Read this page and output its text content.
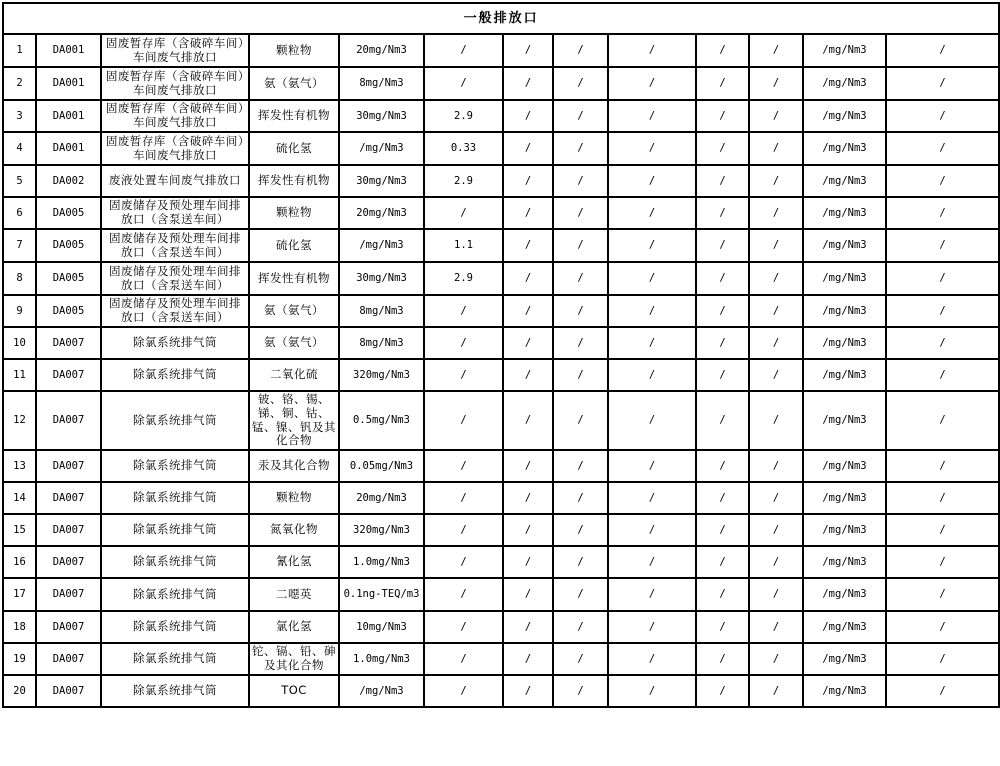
一般排放口												
1	DA001	固废暂存库（含破碎车间）车间废气排放口	颗粒物	20mg/Nm3	/	/	/	/	/	/	/mg/Nm3	/
2	DA001	固废暂存库（含破碎车间）车间废气排放口	氨（氨气）	8mg/Nm3	/	/	/	/	/	/	/mg/Nm3	/
3	DA001	固废暂存库（含破碎车间）车间废气排放口	挥发性有机物	30mg/Nm3	2.9	/	/	/	/	/	/mg/Nm3	/
4	DA001	固废暂存库（含破碎车间）车间废气排放口	硫化氢	/mg/Nm3	0.33	/	/	/	/	/	/mg/Nm3	/
5	DA002	废液处置车间废气排放口	挥发性有机物	30mg/Nm3	2.9	/	/	/	/	/	/mg/Nm3	/
6	DA005	固废储存及预处理车间排放口（含泵送车间）	颗粒物	20mg/Nm3	/	/	/	/	/	/	/mg/Nm3	/
7	DA005	固废储存及预处理车间排放口（含泵送车间）	硫化氢	/mg/Nm3	1.1	/	/	/	/	/	/mg/Nm3	/
8	DA005	固废储存及预处理车间排放口（含泵送车间）	挥发性有机物	30mg/Nm3	2.9	/	/	/	/	/	/mg/Nm3	/
9	DA005	固废储存及预处理车间排放口（含泵送车间）	氨（氨气）	8mg/Nm3	/	/	/	/	/	/	/mg/Nm3	/
10	DA007	除氯系统排气筒	氨（氨气）	8mg/Nm3	/	/	/	/	/	/	/mg/Nm3	/
11	DA007	除氯系统排气筒	二氧化硫	320mg/Nm3	/	/	/	/	/	/	/mg/Nm3	/
12	DA007	除氯系统排气筒	铍、铬、锡、锑、铜、钴、锰、镍、钒及其化合物	0.5mg/Nm3	/	/	/	/	/	/	/mg/Nm3	/
13	DA007	除氯系统排气筒	汞及其化合物	0.05mg/Nm3	/	/	/	/	/	/	/mg/Nm3	/
14	DA007	除氯系统排气筒	颗粒物	20mg/Nm3	/	/	/	/	/	/	/mg/Nm3	/
15	DA007	除氯系统排气筒	氮氧化物	320mg/Nm3	/	/	/	/	/	/	/mg/Nm3	/
16	DA007	除氯系统排气筒	氰化氢	1.0mg/Nm3	/	/	/	/	/	/	/mg/Nm3	/
17	DA007	除氯系统排气筒	二噁英	0.1ng-TEQ/m3	/	/	/	/	/	/	/mg/Nm3	/
18	DA007	除氯系统排气筒	氯化氢	10mg/Nm3	/	/	/	/	/	/	/mg/Nm3	/
19	DA007	除氯系统排气筒	铊、镉、铅、砷及其化合物	1.0mg/Nm3	/	/	/	/	/	/	/mg/Nm3	/
20	DA007	除氯系统排气筒	TOC	/mg/Nm3	/	/	/	/	/	/	/mg/Nm3	/
